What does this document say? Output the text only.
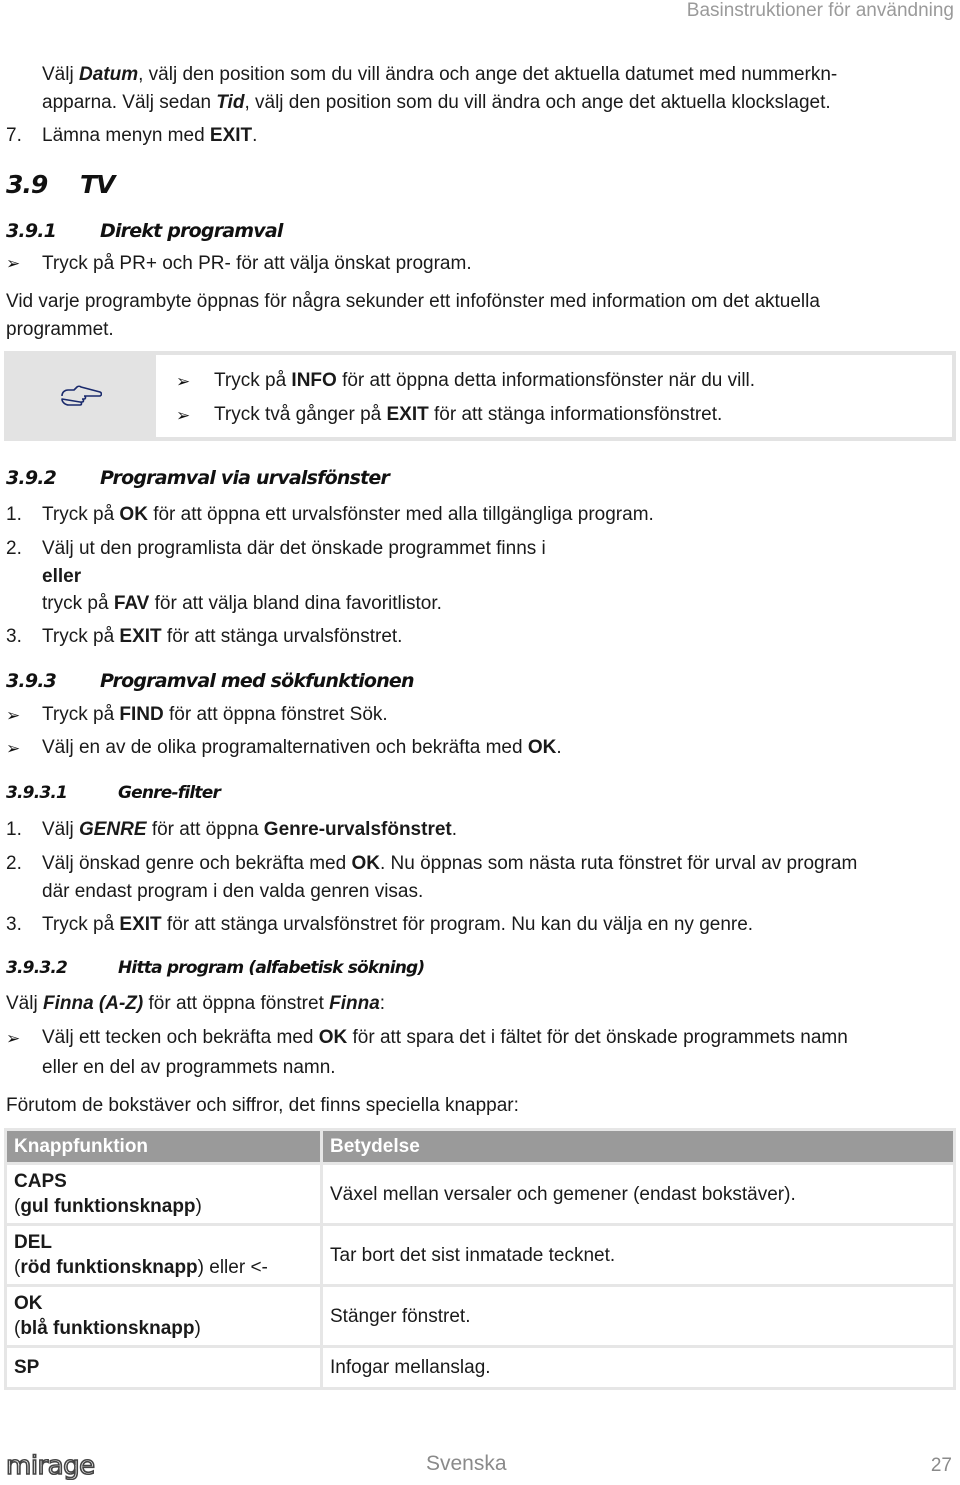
Basinstruktioner för användning
Välj Datum, välj den position som du vill ändra och ange det aktuella datumet med nummerkn-
apparna. Välj sedan Tid, välj den position som du vill ändra och ange det aktuella klockslaget.
7. Lämna menyn med EXIT.
3.9 TV
3.9.1 Direkt programval
➢ Tryck på PR+ och PR- för att välja önskat program.
Vid varje programbyte öppnas för några sekunder ett infofönster med information om det aktuella
programmet.
➢ Tryck på INFO för att öppna detta informationsfönster när du vill.
➢ Tryck två gånger på EXIT för att stänga informationsfönstret.
3.9.2 Programval via urvalsfönster
1. Tryck på OK för att öppna ett urvalsfönster med alla tillgängliga program.
2. Välj ut den programlista där det önskade programmet finns i
eller
tryck på FAV för att välja bland dina favoritlistor.
3. Tryck på EXIT för att stänga urvalsfönstret.
3.9.3 Programval med sökfunktionen
➢ Tryck på FIND för att öppna fönstret Sök.
➢ Välj en av de olika programalternativen och bekräfta med OK.
3.9.3.1	Genre-filter
1. Välj GENRE för att öppna Genre-urvalsfönstret.
2. Välj önskad genre och bekräfta med OK. Nu öppnas som nästa ruta fönstret för urval av program
där endast program i den valda genren visas.
3. Tryck på EXIT för att stänga urvalsfönstret för program. Nu kan du välja en ny genre.
3.9.3.2	Hitta program (alfabetisk sökning)
Välj Finna (A-Z) för att öppna fönstret Finna:
➢ Välj ett tecken och bekräfta med OK för att spara det i fältet för det önskade programmets namn
eller en del av programmets namn.
Förutom de bokstäver och siffror, det finns speciella knappar:
Knappfunktion	Betydelse
CAPS
(gul funktionsknapp)	Växel mellan versaler och gemener (endast bokstäver).
DEL
(röd funktionsknapp) eller <-	Tar bort det sist inmatade tecknet.
OK
(blå funktionsknapp)	Stänger fönstret.
SP	Infogar mellanslag.
mirage	Svenska	27
